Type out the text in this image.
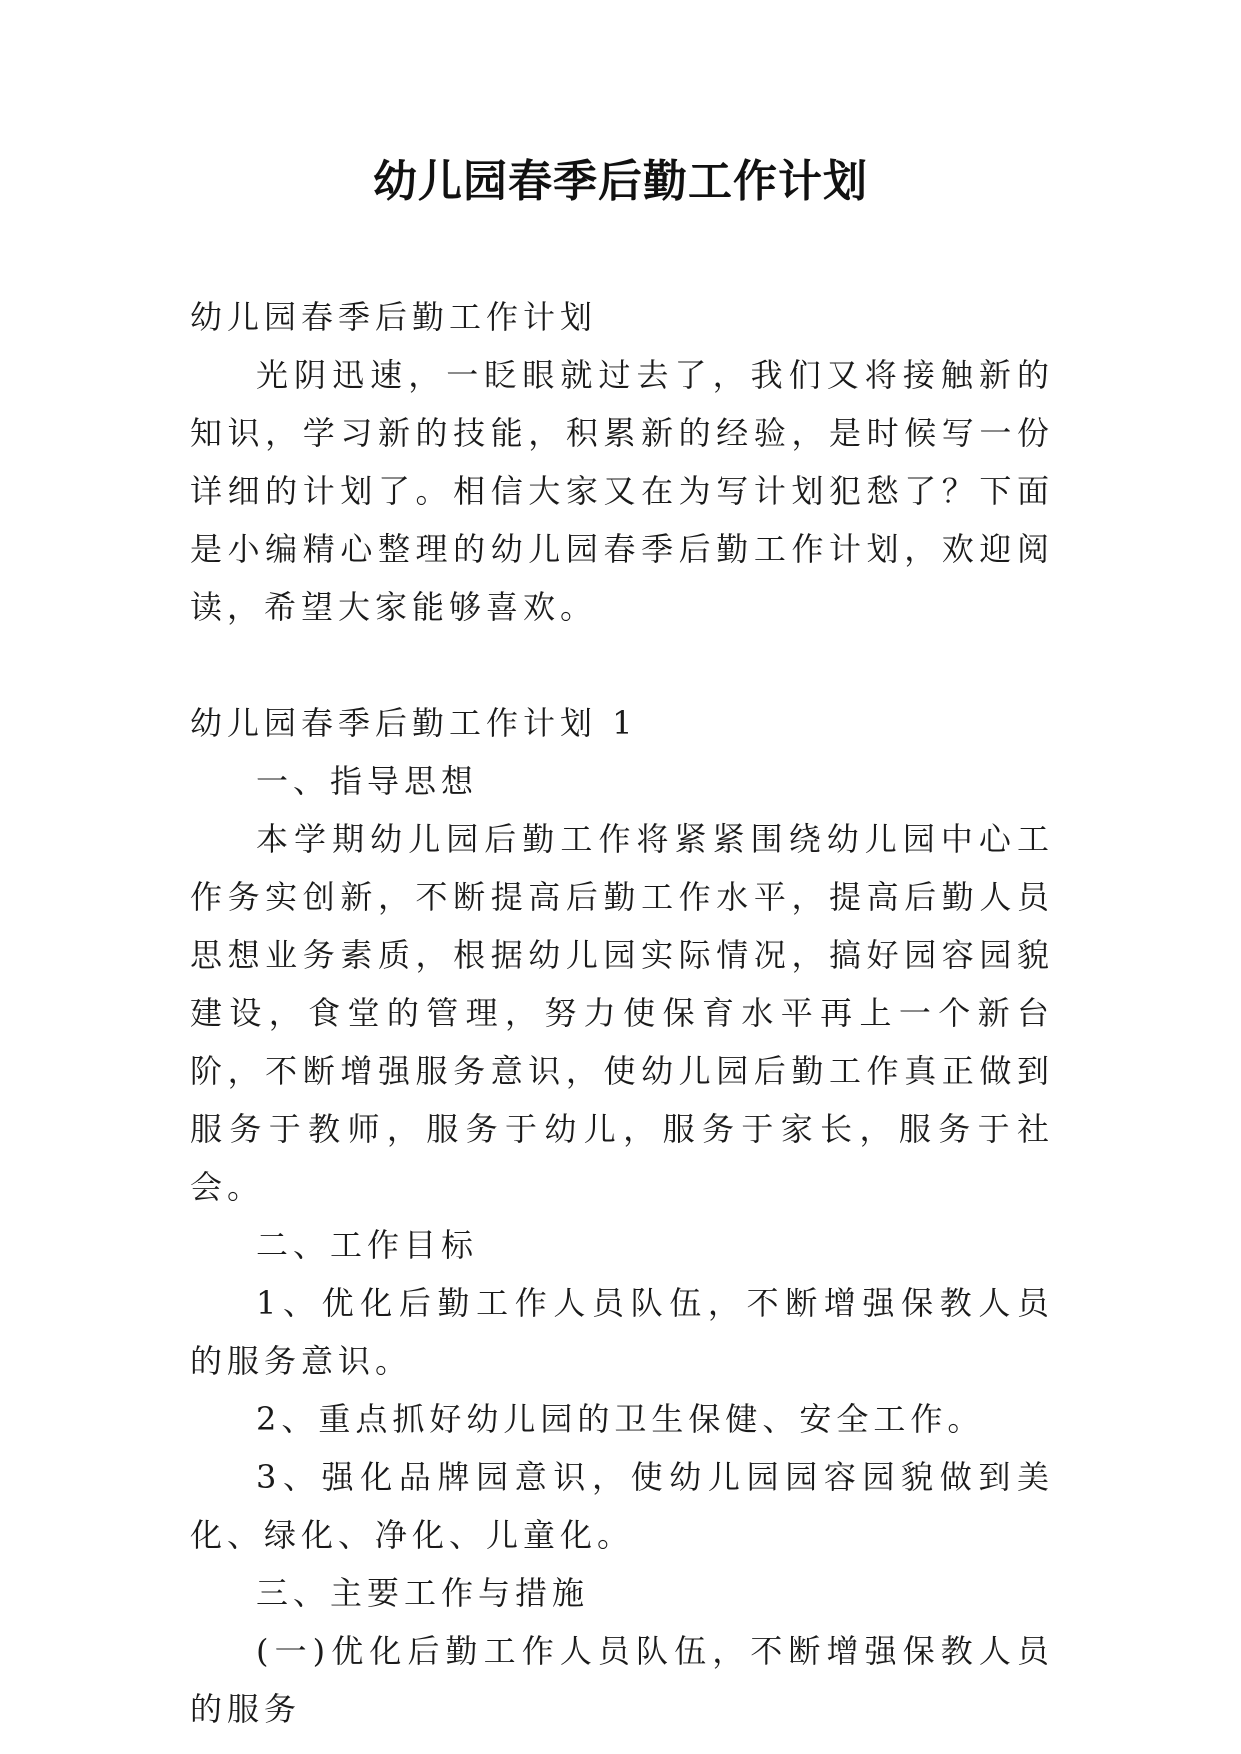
幼儿园春季后勤工作计划

幼儿园春季后勤工作计划

光阴迅速，一眨眼就过去了，我们又将接触新的知识，学习新的技能，积累新的经验，是时候写一份详细的计划了。相信大家又在为写计划犯愁了？下面是小编精心整理的幼儿园春季后勤工作计划，欢迎阅读，希望大家能够喜欢。

幼儿园春季后勤工作计划 1

一、指导思想

本学期幼儿园后勤工作将紧紧围绕幼儿园中心工作务实创新，不断提高后勤工作水平，提高后勤人员思想业务素质，根据幼儿园实际情况，搞好园容园貌建设，食堂的管理，努力使保育水平再上一个新台阶，不断增强服务意识，使幼儿园后勤工作真正做到服务于教师，服务于幼儿，服务于家长，服务于社会。

二、工作目标

1、优化后勤工作人员队伍，不断增强保教人员的服务意识。

2、重点抓好幼儿园的卫生保健、安全工作。

3、强化品牌园意识，使幼儿园园容园貌做到美化、绿化、净化、儿童化。

三、主要工作与措施

(一)优化后勤工作人员队伍，不断增强保教人员的服务
